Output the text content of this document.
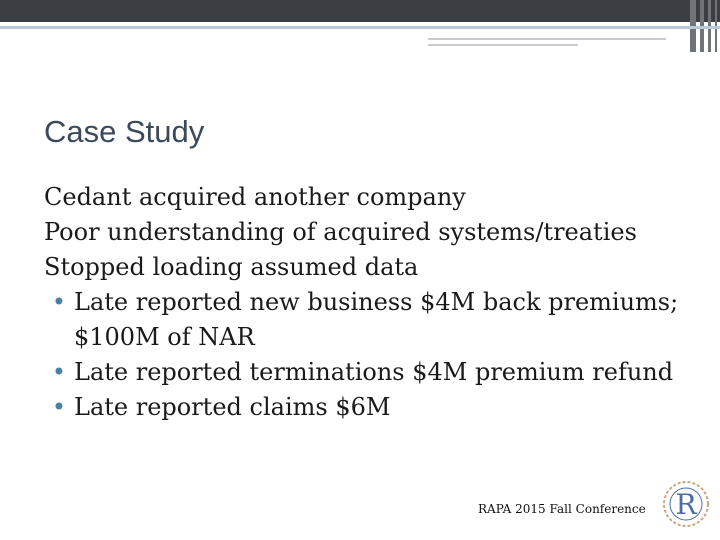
Case Study
Cedant acquired another company
Poor understanding of acquired systems/treaties
Stopped loading assumed data
• Late reported new business $4M back premiums; $100M of NAR
• Late reported terminations $4M premium refund
• Late reported claims $6M
RAPA 2015 Fall Conference R
